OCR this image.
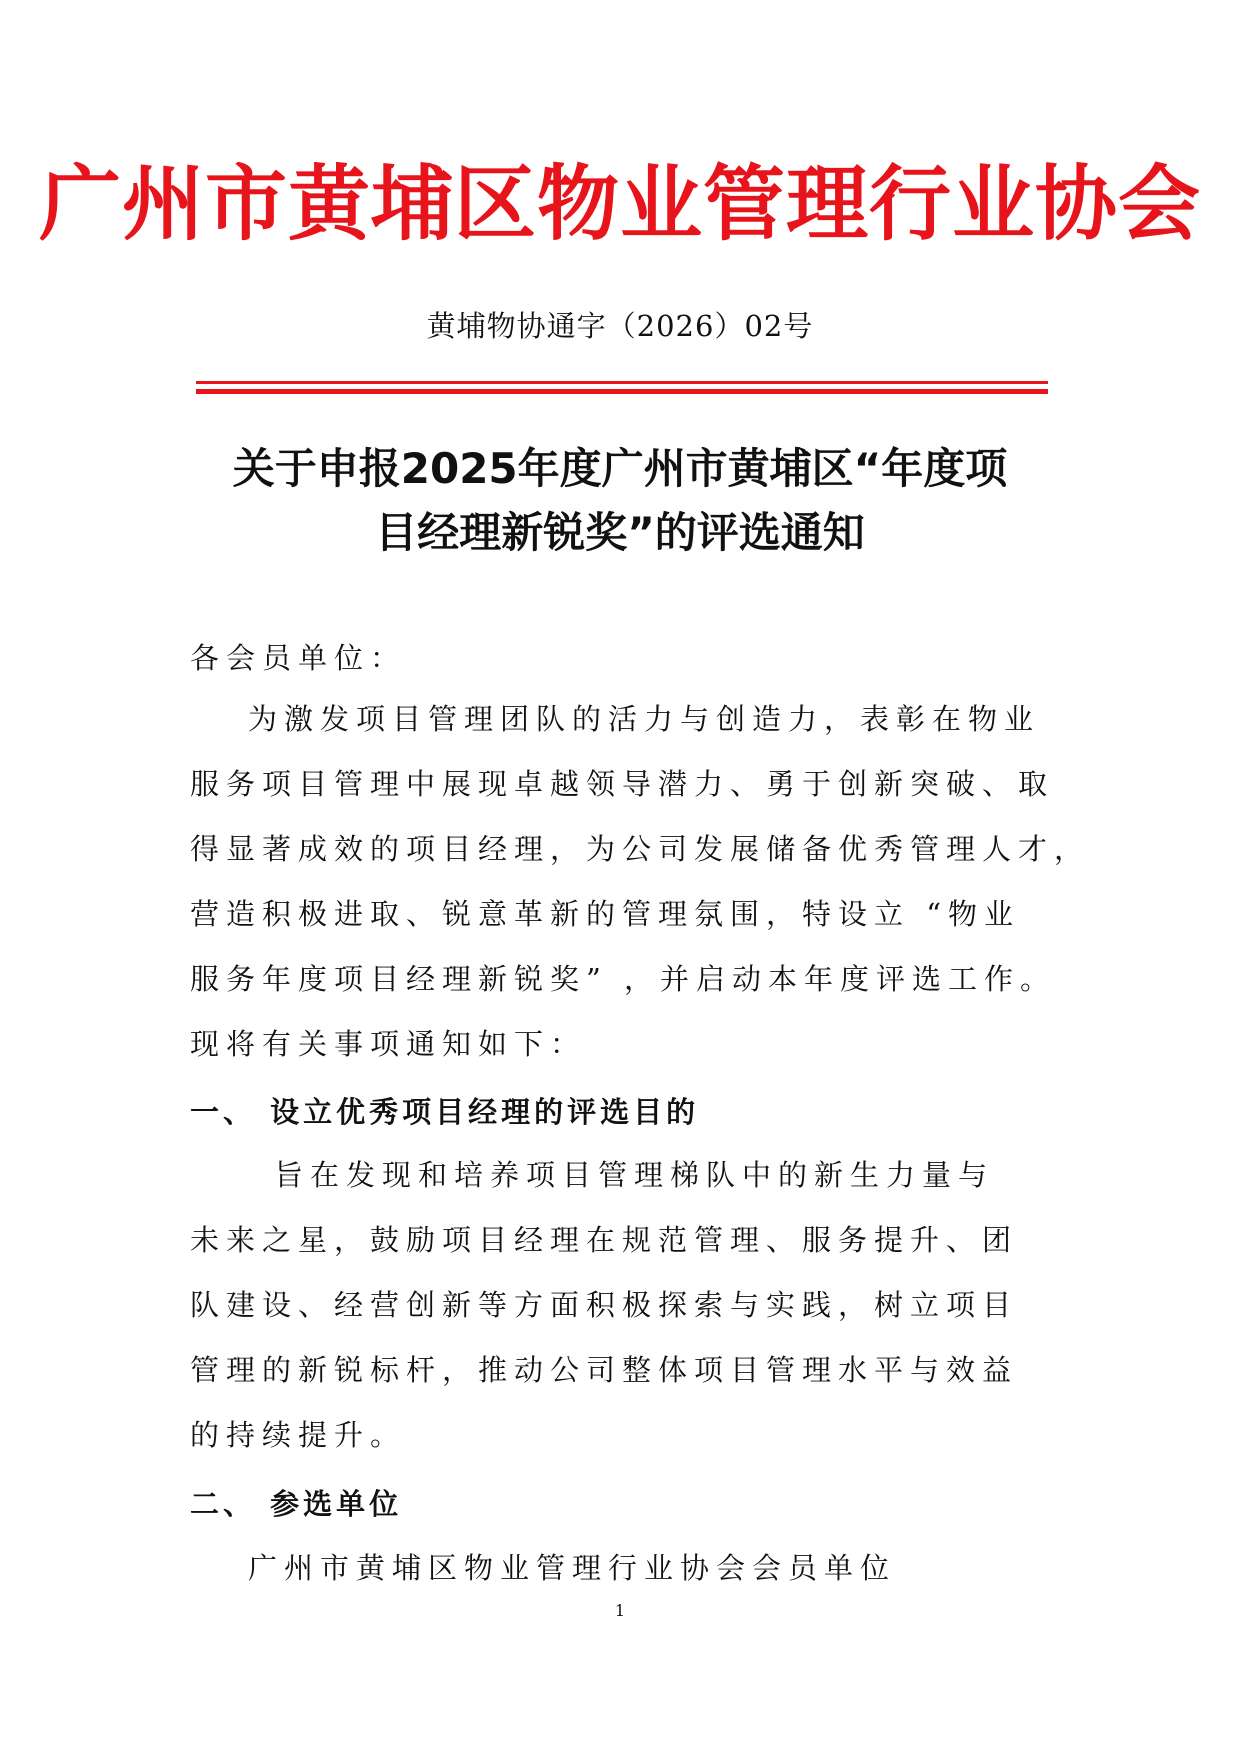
广州市黄埔区物业管理行业协会
黄埔物协通字（2026）02号
关于申报2025年度广州市黄埔区“年度项
目经理新锐奖”的评选通知
各会员单位：
为激发项目管理团队的活力与创造力，表彰在物业
服务项目管理中展现卓越领导潜力、勇于创新突破、取
得显著成效的项目经理，为公司发展储备优秀管理人才，
营造积极进取、锐意革新的管理氛围，特设立 “物业
服务年度项目经理新锐奖” ，并启动本年度评选工作。
现将有关事项通知如下：
一、 设立优秀项目经理的评选目的
旨在发现和培养项目管理梯队中的新生力量与
未来之星，鼓励项目经理在规范管理、服务提升、团
队建设、经营创新等方面积极探索与实践，树立项目
管理的新锐标杆，推动公司整体项目管理水平与效益
的持续提升。
二、 参选单位
广州市黄埔区物业管理行业协会会员单位
1
